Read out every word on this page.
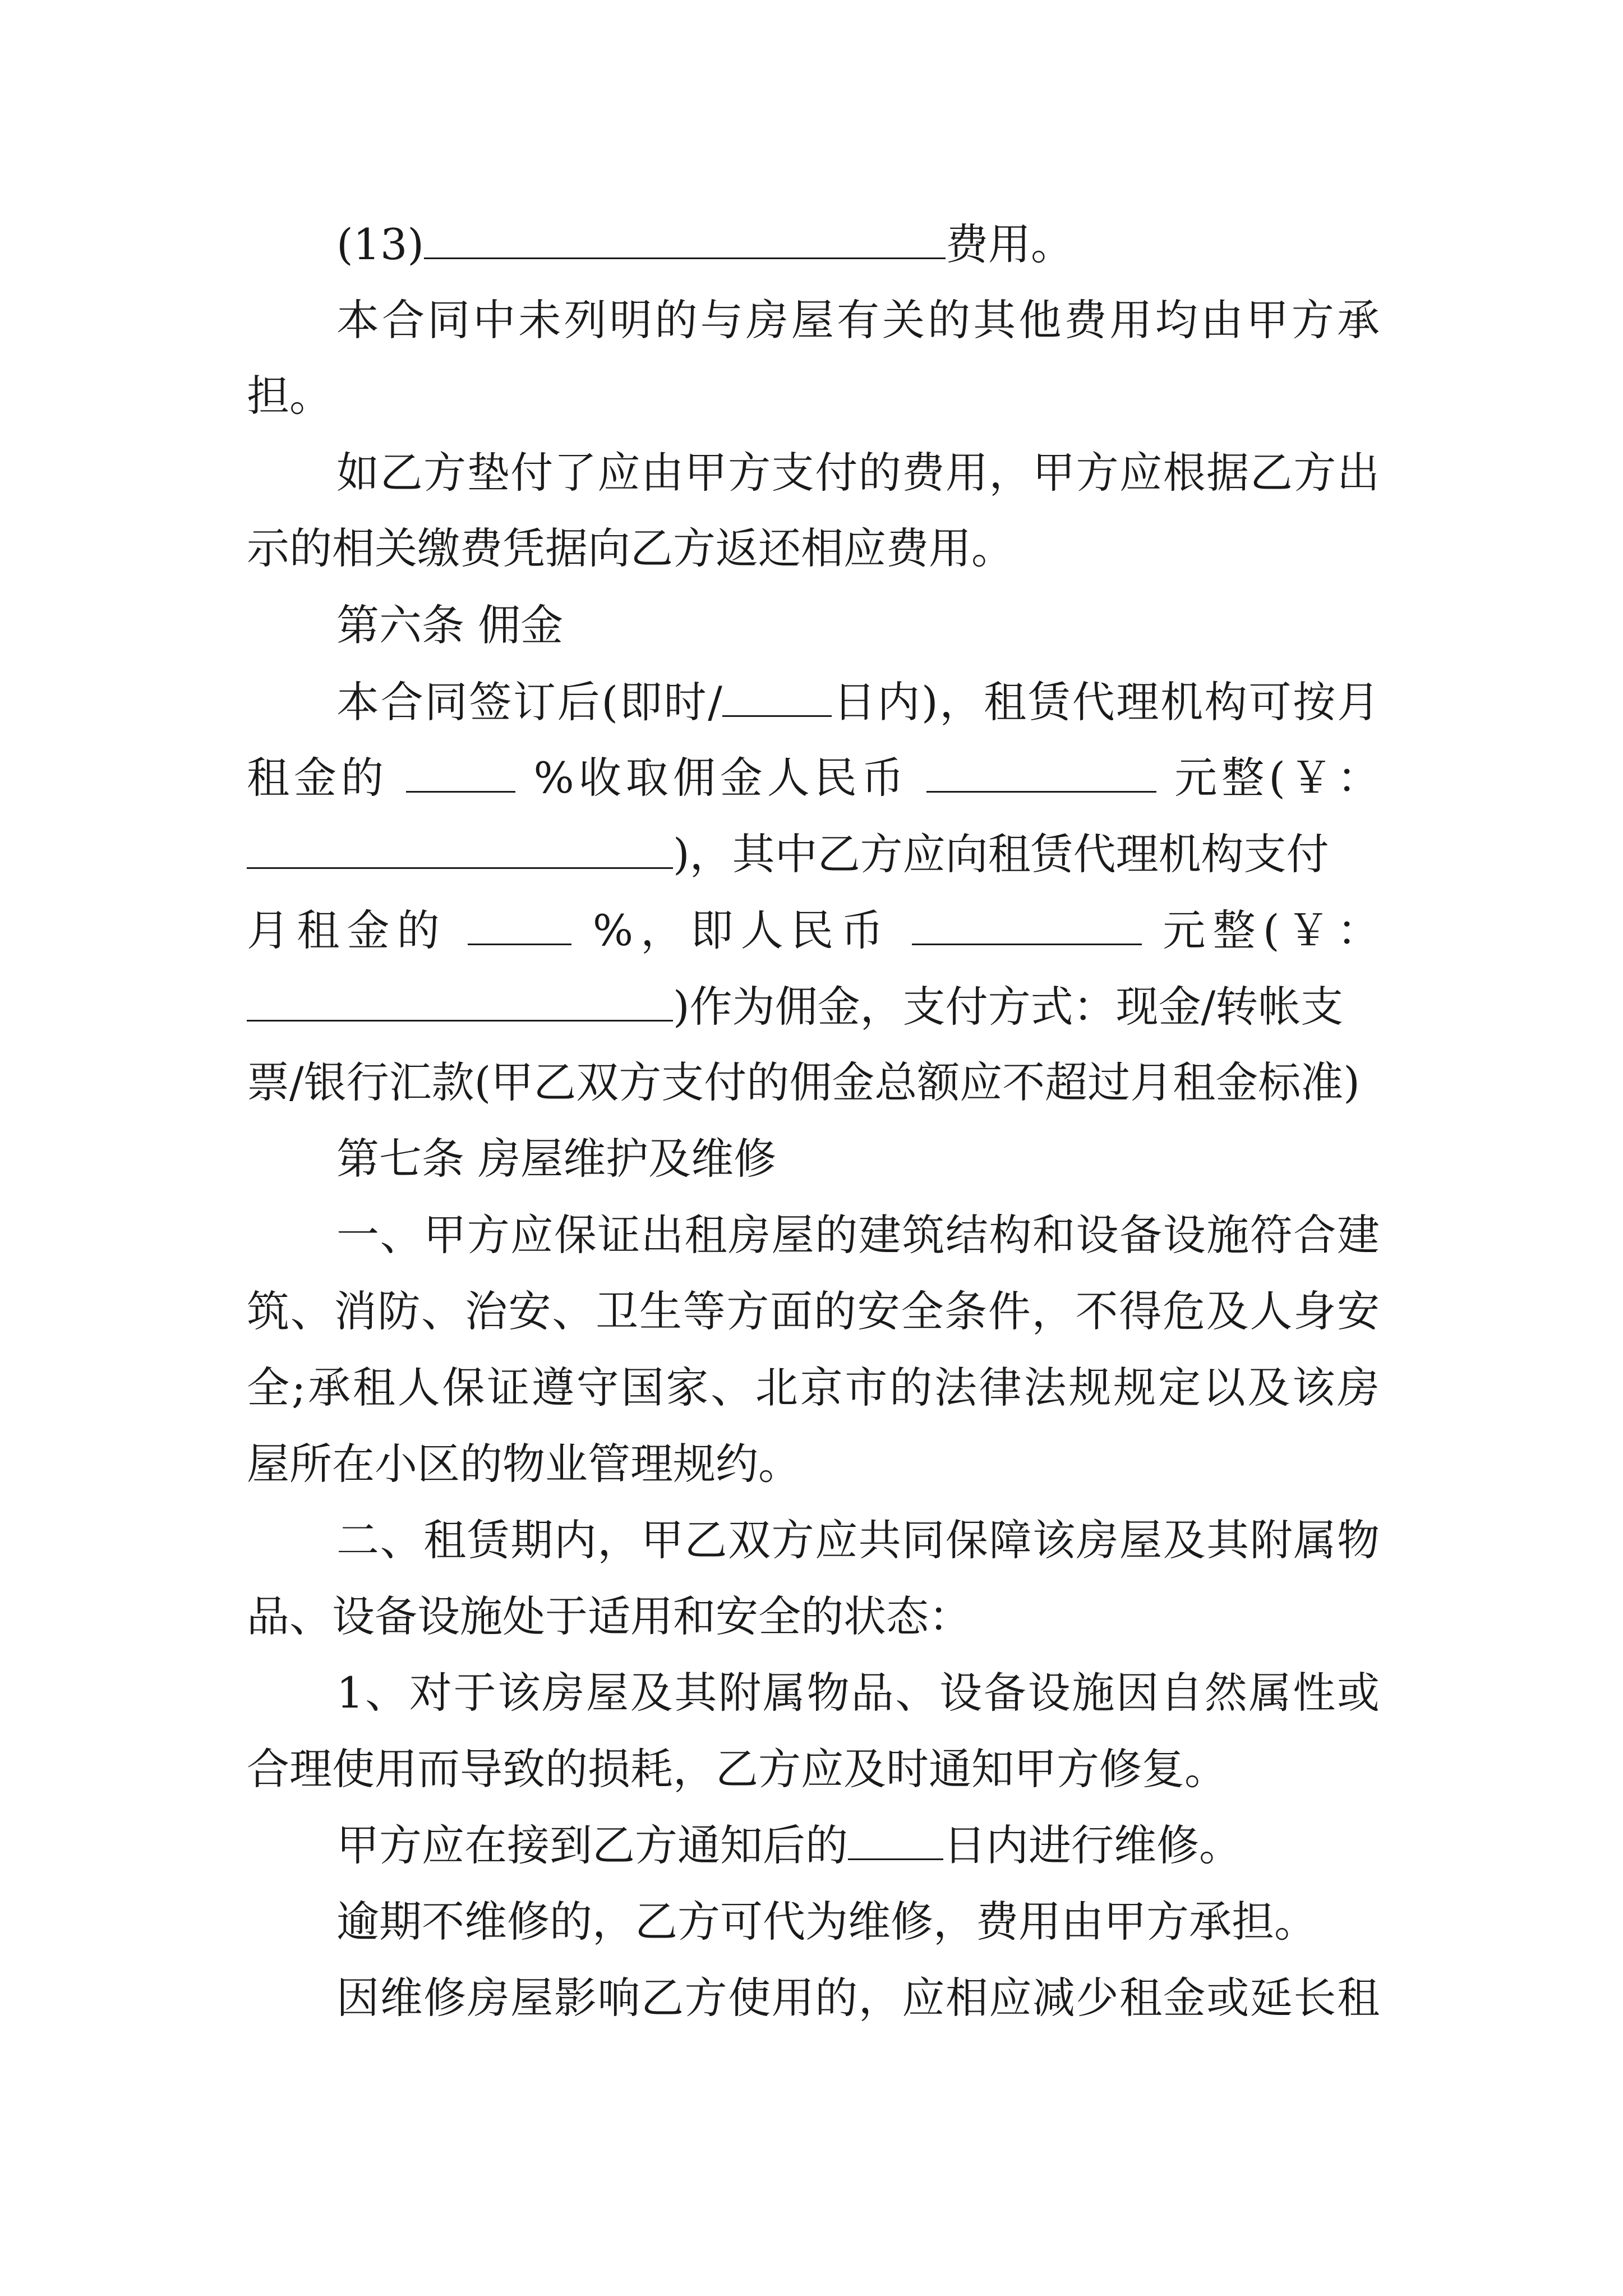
(13)	费用。
本合同中未列明的与房屋有关的其他费用均由甲方承
担。
如乙方垫付了应由甲方支付的费用，甲方应根据乙方出
示的相关缴费凭据向乙方返还相应费用。
第六条 佣金
本合同签订后(即时/	日内)，租赁代理机构可按月
租金的	%收取佣金人民币	元整(￥：
)，其中乙方应向租赁代理机构支付
月租金的	%，即人民币	元整(￥：
)作为佣金，支付方式：现金/转帐支
票/银行汇款(甲乙双方支付的佣金总额应不超过月租金标准)
第七条 房屋维护及维修
一、甲方应保证出租房屋的建筑结构和设备设施符合建
筑、消防、治安、卫生等方面的安全条件，不得危及人身安
全;承租人保证遵守国家、北京市的法律法规规定以及该房
屋所在小区的物业管理规约。
二、租赁期内，甲乙双方应共同保障该房屋及其附属物
品、设备设施处于适用和安全的状态：
1、对于该房屋及其附属物品、设备设施因自然属性或
合理使用而导致的损耗，乙方应及时通知甲方修复。
甲方应在接到乙方通知后的 日内进行维修。
逾期不维修的，乙方可代为维修，费用由甲方承担。
因维修房屋影响乙方使用的，应相应减少租金或延长租
